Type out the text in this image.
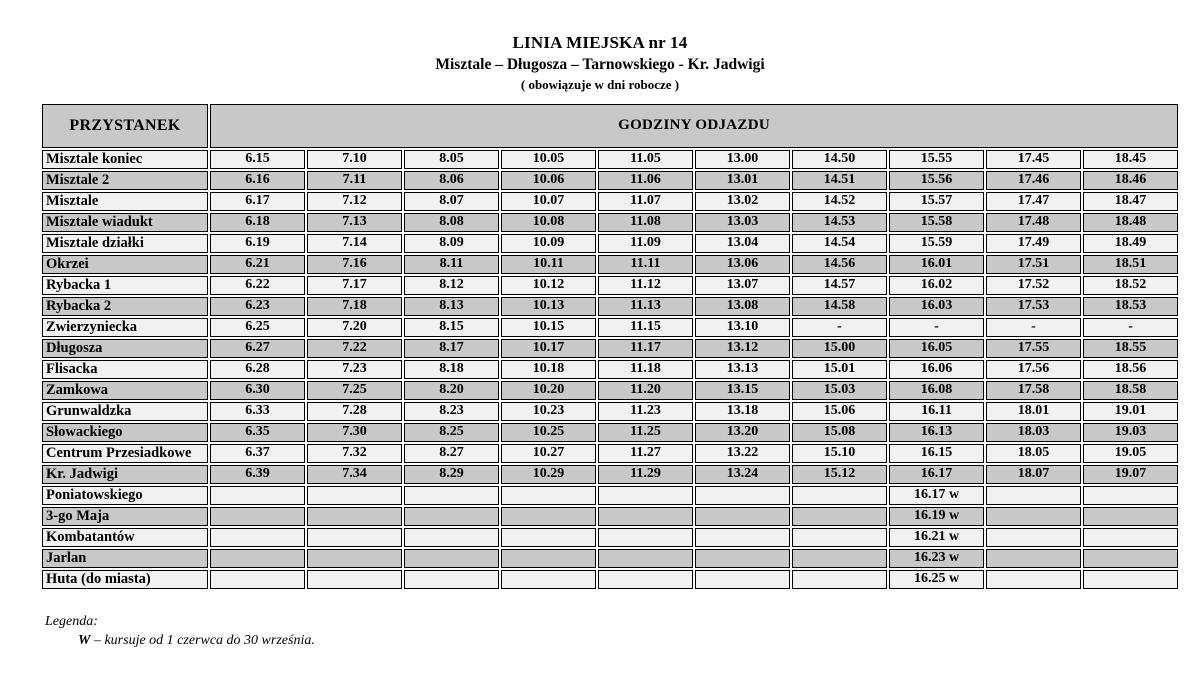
LINIA MIEJSKA nr 14
Misztale – Długosza – Tarnowskiego - Kr. Jadwigi
( obowiązuje w dni robocze )
PRZYSTANEK	GODZINY ODJAZDU									
Misztale koniec	6.15	7.10	8.05	10.05	11.05	13.00	14.50	15.55	17.45	18.45
Misztale 2	6.16	7.11	8.06	10.06	11.06	13.01	14.51	15.56	17.46	18.46
Misztale	6.17	7.12	8.07	10.07	11.07	13.02	14.52	15.57	17.47	18.47
Misztale wiadukt	6.18	7.13	8.08	10.08	11.08	13.03	14.53	15.58	17.48	18.48
Misztale działki	6.19	7.14	8.09	10.09	11.09	13.04	14.54	15.59	17.49	18.49
Okrzei	6.21	7.16	8.11	10.11	11.11	13.06	14.56	16.01	17.51	18.51
Rybacka 1	6.22	7.17	8.12	10.12	11.12	13.07	14.57	16.02	17.52	18.52
Rybacka 2	6.23	7.18	8.13	10.13	11.13	13.08	14.58	16.03	17.53	18.53
Zwierzyniecka	6.25	7.20	8.15	10.15	11.15	13.10	-	-	-	-
Długosza	6.27	7.22	8.17	10.17	11.17	13.12	15.00	16.05	17.55	18.55
Flisacka	6.28	7.23	8.18	10.18	11.18	13.13	15.01	16.06	17.56	18.56
Zamkowa	6.30	7.25	8.20	10.20	11.20	13.15	15.03	16.08	17.58	18.58
Grunwaldzka	6.33	7.28	8.23	10.23	11.23	13.18	15.06	16.11	18.01	19.01
Słowackiego	6.35	7.30	8.25	10.25	11.25	13.20	15.08	16.13	18.03	19.03
Centrum Przesiadkowe	6.37	7.32	8.27	10.27	11.27	13.22	15.10	16.15	18.05	19.05
Kr. Jadwigi	6.39	7.34	8.29	10.29	11.29	13.24	15.12	16.17	18.07	19.07
Poniatowskiego								16.17 w		
3-go Maja								16.19 w		
Kombatantów								16.21 w		
Jarlan								16.23 w		
Huta (do miasta)								16.25 w		
Legenda:
W – kursuje od 1 czerwca do 30 września.
